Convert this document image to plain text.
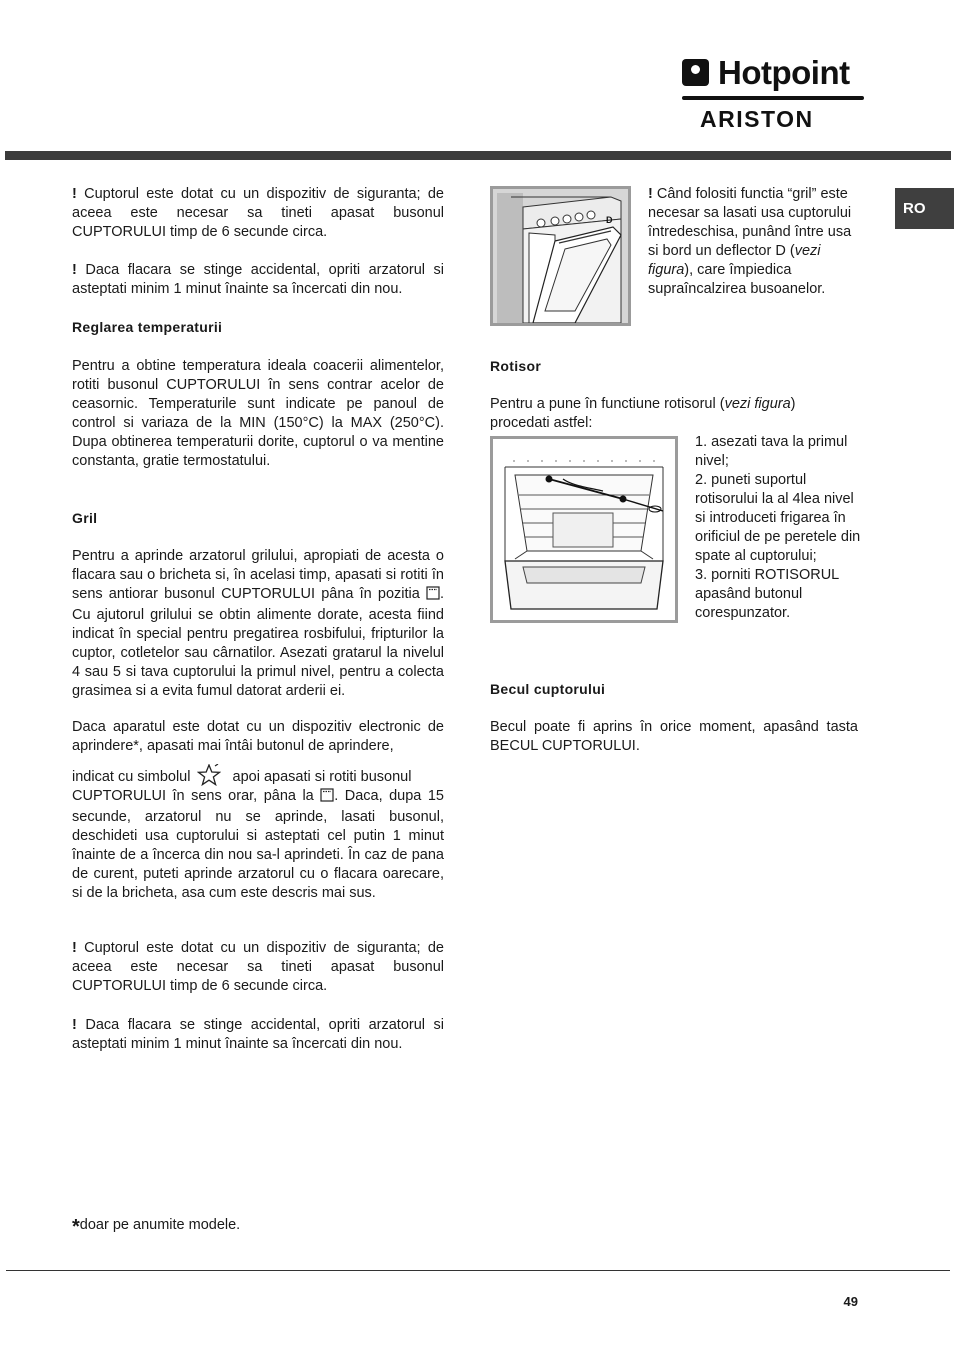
Hotpoint
ARISTON
RO

! Cuptorul este dotat cu un dispozitiv de siguranta; de aceea este necesar sa tineti apasat busonul CUPTORULUI timp de 6 secunde circa.

! Daca flacara se stinge accidental, opriti arzatorul si asteptati minim 1 minut înainte sa încercati din nou.

Reglarea temperaturii

Pentru a obtine temperatura ideala coacerii alimentelor, rotiti busonul CUPTORULUI în sens contrar acelor de ceasornic. Temperaturile sunt indicate pe panoul de control si variaza de la MIN (150°C) la MAX (250°C). Dupa obtinerea temperaturii dorite, cuptorul o va mentine constanta, gratie termostatului.

Gril

Pentru a aprinde arzatorul grilului, apropiati de acesta o flacara sau o bricheta si, în acelasi timp, apasati si rotiti în sens antiorar busonul CUPTORULUI pâna în pozitia . Cu ajutorul grilului se obtin alimente dorate, acesta fiind indicat în special pentru pregatirea rosbifului, fripturilor la cuptor, cotletelor sau cârnatilor. Asezati gratarul la nivelul 4 sau 5 si tava cuptorului la primul nivel, pentru a colecta grasimea si a evita fumul datorat arderii ei.

Daca aparatul este dotat cu un dispozitiv electronic de aprindere*, apasati mai întâi butonul de aprindere,

indicat cu simbolul  apoi apasati si rotiti busonul

CUPTORULUI în sens orar, pâna la . Daca, dupa 15 secunde, arzatorul nu se aprinde, lasati busonul, deschideti usa cuptorului si asteptati cel putin 1 minut înainte de a încerca din nou sa-l aprindeti. În caz de pana de curent, puteti aprinde arzatorul cu o flacara oarecare, si de la bricheta, asa cum este descris mai sus.

! Cuptorul este dotat cu un dispozitiv de siguranta; de aceea este necesar sa tineti apasat busonul CUPTORULUI timp de 6 secunde circa.

! Daca flacara se stinge accidental, opriti arzatorul si asteptati minim 1 minut înainte sa încercati din nou.

*doar pe anumite modele.

D

! Când folositi functia “gril” este necesar sa lasati usa cuptorului întredeschisa, punând între usa si bord un deflector D (vezi figura), care împiedica supraîncalzirea busoanelor.

Rotisor

Pentru a pune în functiune rotisorul (vezi figura) procedati astfel:

1. asezati tava la primul nivel;
2. puneti suportul rotisorului la al 4lea nivel si introduceti frigarea în orificiul de pe peretele din spate al cuptorului;
3. porniti ROTISORUL apasând butonul corespunzator.

Becul cuptorului

Becul poate fi aprins în orice moment, apasând tasta BECUL CUPTORULUI.

49
